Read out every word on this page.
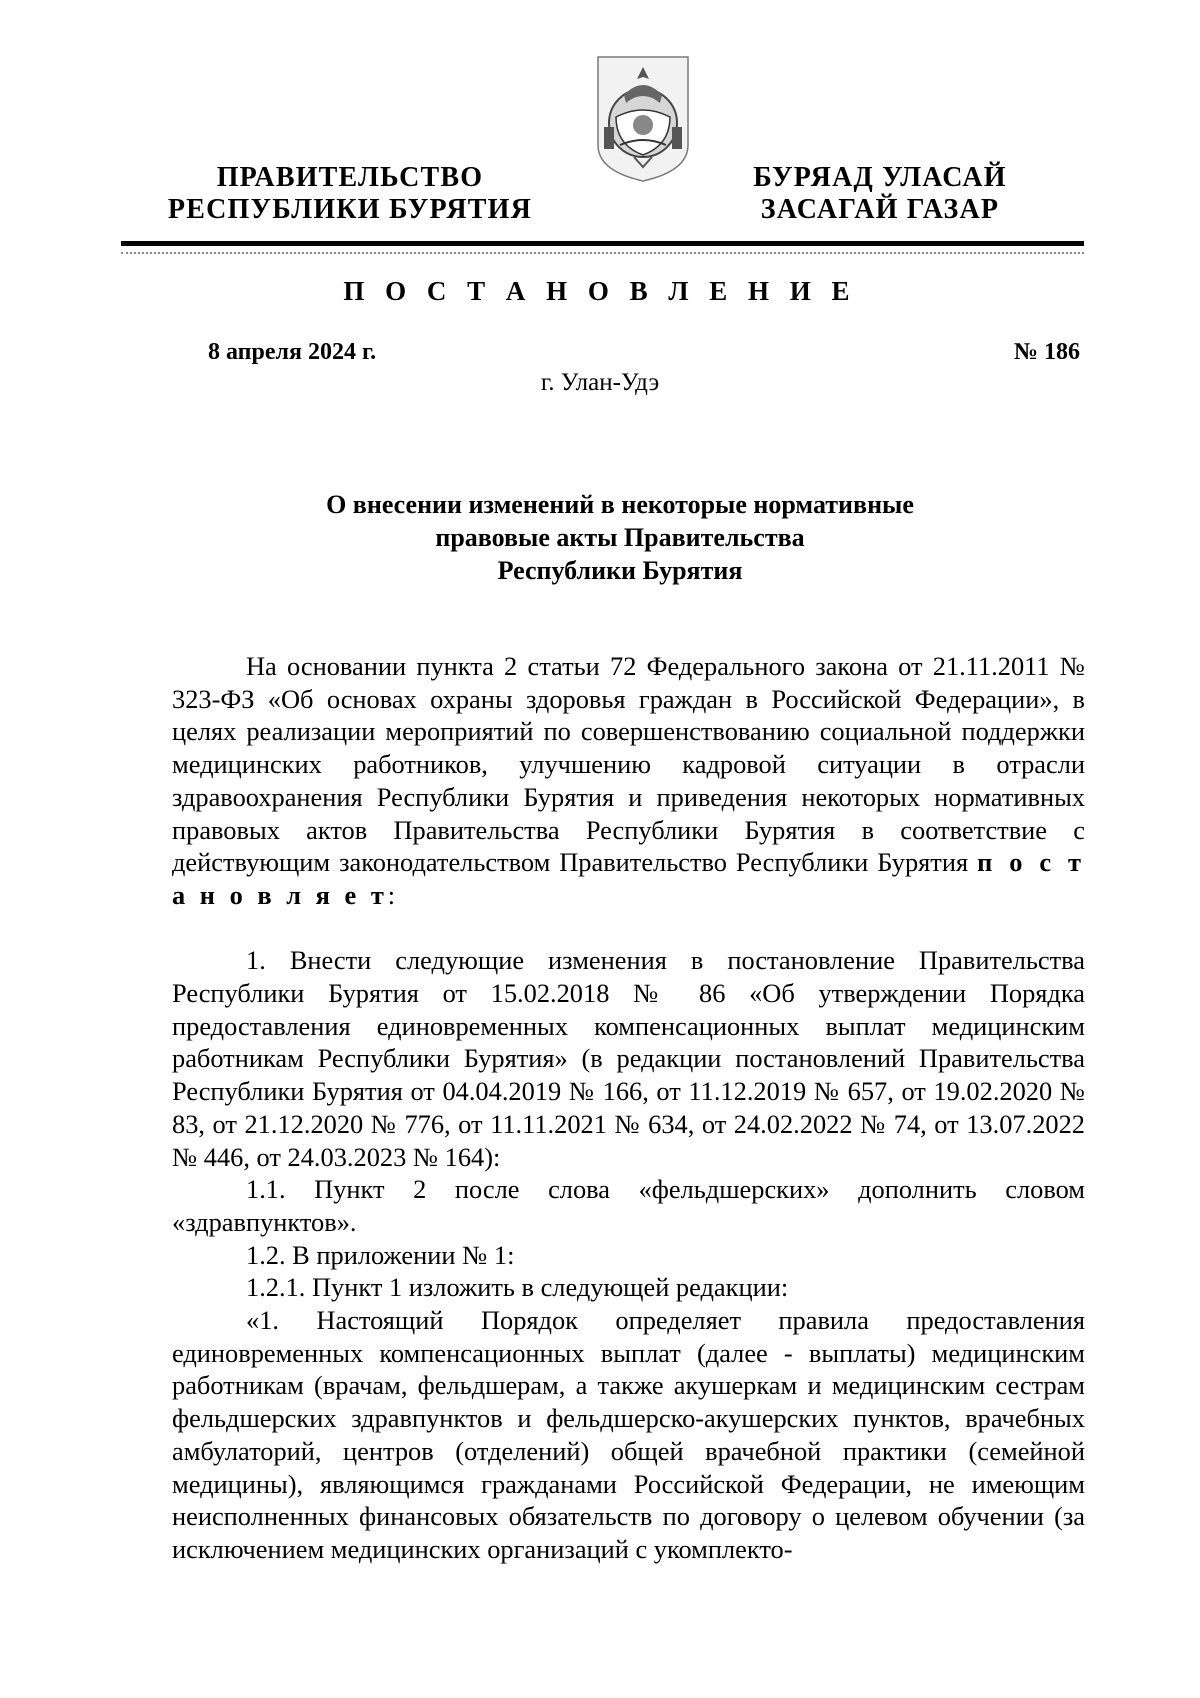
ПРАВИТЕЛЬСТВО
РЕСПУБЛИКИ БУРЯТИЯ
БУРЯАД УЛАСАЙ
ЗАСАГАЙ ГАЗАР
П О С Т А Н О В Л Е Н И Е
8 апреля 2024 г.	№ 186
г. Улан-Удэ
О внесении изменений в некоторые нормативные
правовые акты Правительства
Республики Бурятия

На основании пункта 2 статьи 72 Федерального закона от 21.11.2011 № 323-ФЗ «Об основах охраны здоровья граждан в Российской Федерации», в целях реализации мероприятий по совершенствованию социальной поддержки медицинских работников, улучшению кадровой ситуации в отрасли здравоохранения Республики Бурятия и приведения некоторых нормативных правовых актов Правительства Республики Бурятия в соответствие с действующим законодательством Правительство Республики Бурятия п о с т а н о в л я е т:

1. Внести следующие изменения в постановление Правительства Республики Бурятия от 15.02.2018 № 86 «Об утверждении Порядка предоставления единовременных компенсационных выплат медицинским работникам Республики Бурятия» (в редакции постановлений Правительства Республики Бурятия от 04.04.2019 № 166, от 11.12.2019 № 657, от 19.02.2020 № 83, от 21.12.2020 № 776, от 11.11.2021 № 634, от 24.02.2022 № 74, от 13.07.2022 № 446, от 24.03.2023 № 164):

1.1. Пункт 2 после слова «фельдшерских» дополнить словом «здравпунктов».

1.2. В приложении № 1:

1.2.1. Пункт 1 изложить в следующей редакции:

«1. Настоящий Порядок определяет правила предоставления единовременных компенсационных выплат (далее - выплаты) медицинским работникам (врачам, фельдшерам, а также акушеркам и медицинским сестрам фельдшерских здравпунктов и фельдшерско-акушерских пунктов, врачебных амбулаторий, центров (отделений) общей врачебной практики (семейной медицины), являющимся гражданами Российской Федерации, не имеющим неисполненных финансовых обязательств по договору о целевом обучении (за исключением медицинских организаций с укомплекто-
